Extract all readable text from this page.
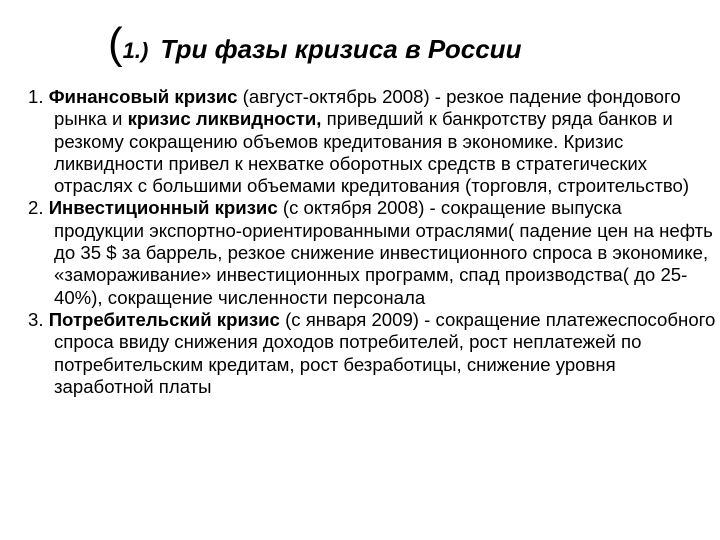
( 1.) Три фазы кризиса в России

1. Финансовый кризис (август-октябрь 2008) - резкое падение фондового рынка и кризис ликвидности, приведший к банкротству ряда банков и резкому сокращению объемов кредитования в экономике. Кризис ликвидности привел к нехватке оборотных средств в стратегических отраслях с большими объемами кредитования (торговля, строительство)

2. Инвестиционный кризис (с октября 2008) - сокращение выпуска продукции экспортно-ориентированными отраслями( падение цен на нефть до 35 $ за баррель, резкое снижение инвестиционного спроса в экономике, «замораживание» инвестиционных программ, спад производства( до 25-40%), сокращение численности персонала

3. Потребительский кризис (с января 2009) - сокращение платежеспособного спроса ввиду снижения доходов потребителей, рост неплатежей по потребительским кредитам, рост безработицы, снижение уровня заработной платы
